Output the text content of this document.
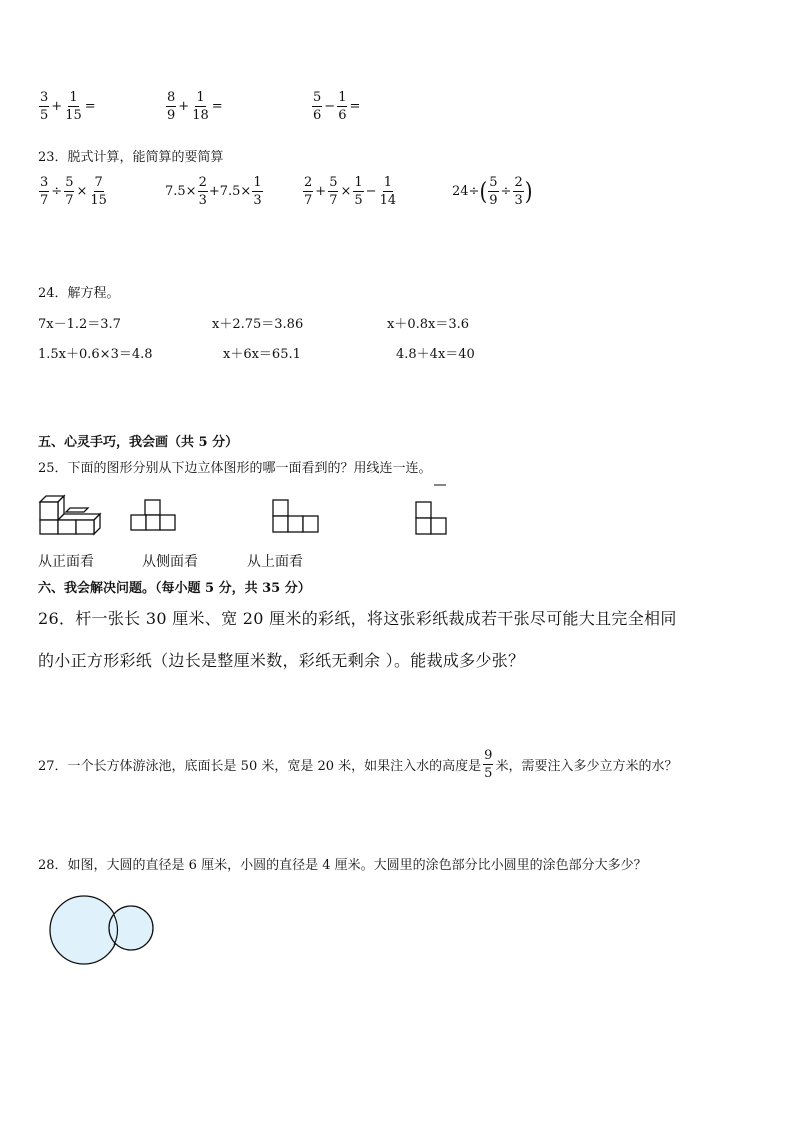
$\frac{3}{5} + \frac{1}{15}$ =	$\frac{8}{9} + \frac{1}{18}$ =	$\frac{5}{6} - \frac{1}{6}$ =
23．脱式计算，能简算的要简算
$\frac{3}{7} \div \frac{5}{7} \times \frac{7}{15}$	$7.5\times \frac{2}{3} +7.5\times \frac{1}{3}$	$\frac{2}{7} + \frac{5}{7} \times \frac{1}{5} - \frac{1}{14}$	24÷ ( $\frac{5}{9} \div \frac{2}{3}$ )
24．解方程。
7x－1.2＝3.7	x＋2.75＝3.86	x＋0.8x＝3.6
1.5x＋0.6×3＝4.8	x＋6x＝65.1	4.8＋4x＝40
五、心灵手巧，我会画（共 5 分）
25．下面的图形分别从下边立体图形的哪一面看到的？用线连一连。
从正面看	从侧面看	从上面看
六、我会解决问题。（每小题 5 分，共 35 分）
26．杆一张长 30 厘米、宽 20 厘米的彩纸，将这张彩纸裁成若干张尽可能大且完全相同
的小正方形彩纸（边长是整厘米数，彩纸无剩余 ）。能裁成多少张？
27．一个长方体游泳池，底面长是 50 米，宽是 20 米，如果注入水的高度是 $\frac{9}{5}$ 米，需要注入多少立方米的水？
28．如图，大圆的直径是 6 厘米，小圆的直径是 4 厘米。大圆里的涂色部分比小圆里的涂色部分大多少？
